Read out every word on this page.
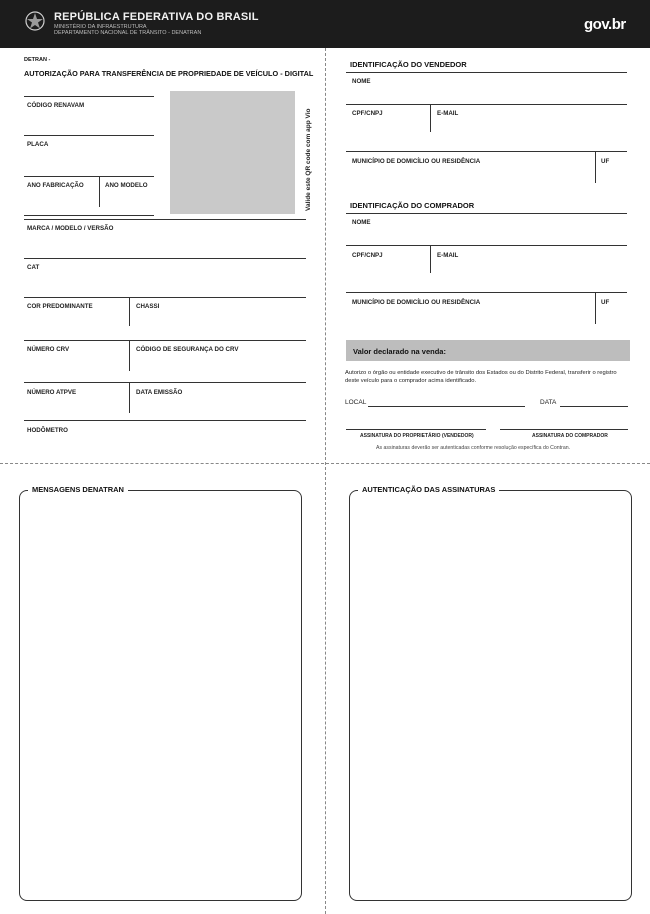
REPÚBLICA FEDERATIVA DO BRASIL
MINISTÉRIO DA INFRAESTRUTURA
DEPARTAMENTO NACIONAL DE TRÂNSITO - DENATRAN	gov.br
DETRAN -
AUTORIZAÇÃO PARA TRANSFERÊNCIA DE PROPRIEDADE DE VEÍCULO - DIGITAL
CÓDIGO RENAVAM
PLACA
ANO FABRICAÇÃO	ANO MODELO	Valide este QR code com app Vio
MARCA / MODELO / VERSÃO
CAT
COR PREDOMINANTE	CHASSI
NÚMERO CRV	CÓDIGO DE SEGURANÇA DO CRV
NÚMERO ATPVE	DATA EMISSÃO
HODÔMETRO
IDENTIFICAÇÃO DO VENDEDOR
NOME
CPF/CNPJ	E-MAIL
MUNICÍPIO DE DOMICÍLIO OU RESIDÊNCIA	UF
IDENTIFICAÇÃO DO COMPRADOR
NOME
CPF/CNPJ	E-MAIL
MUNICÍPIO DE DOMICÍLIO OU RESIDÊNCIA	UF
Valor declarado na venda:
Autorizo o órgão ou entidade executivo de trânsito dos Estados ou do Distrito Federal, transferir o registro deste veículo para o comprador acima identificado.
LOCAL	DATA
ASSINATURA DO PROPRIETÁRIO (VENDEDOR)	ASSINATURA DO COMPRADOR
As assinaturas deverão ser autenticadas conforme resolução específica do Contran.
MENSAGENS DENATRAN	AUTENTICAÇÃO DAS ASSINATURAS
